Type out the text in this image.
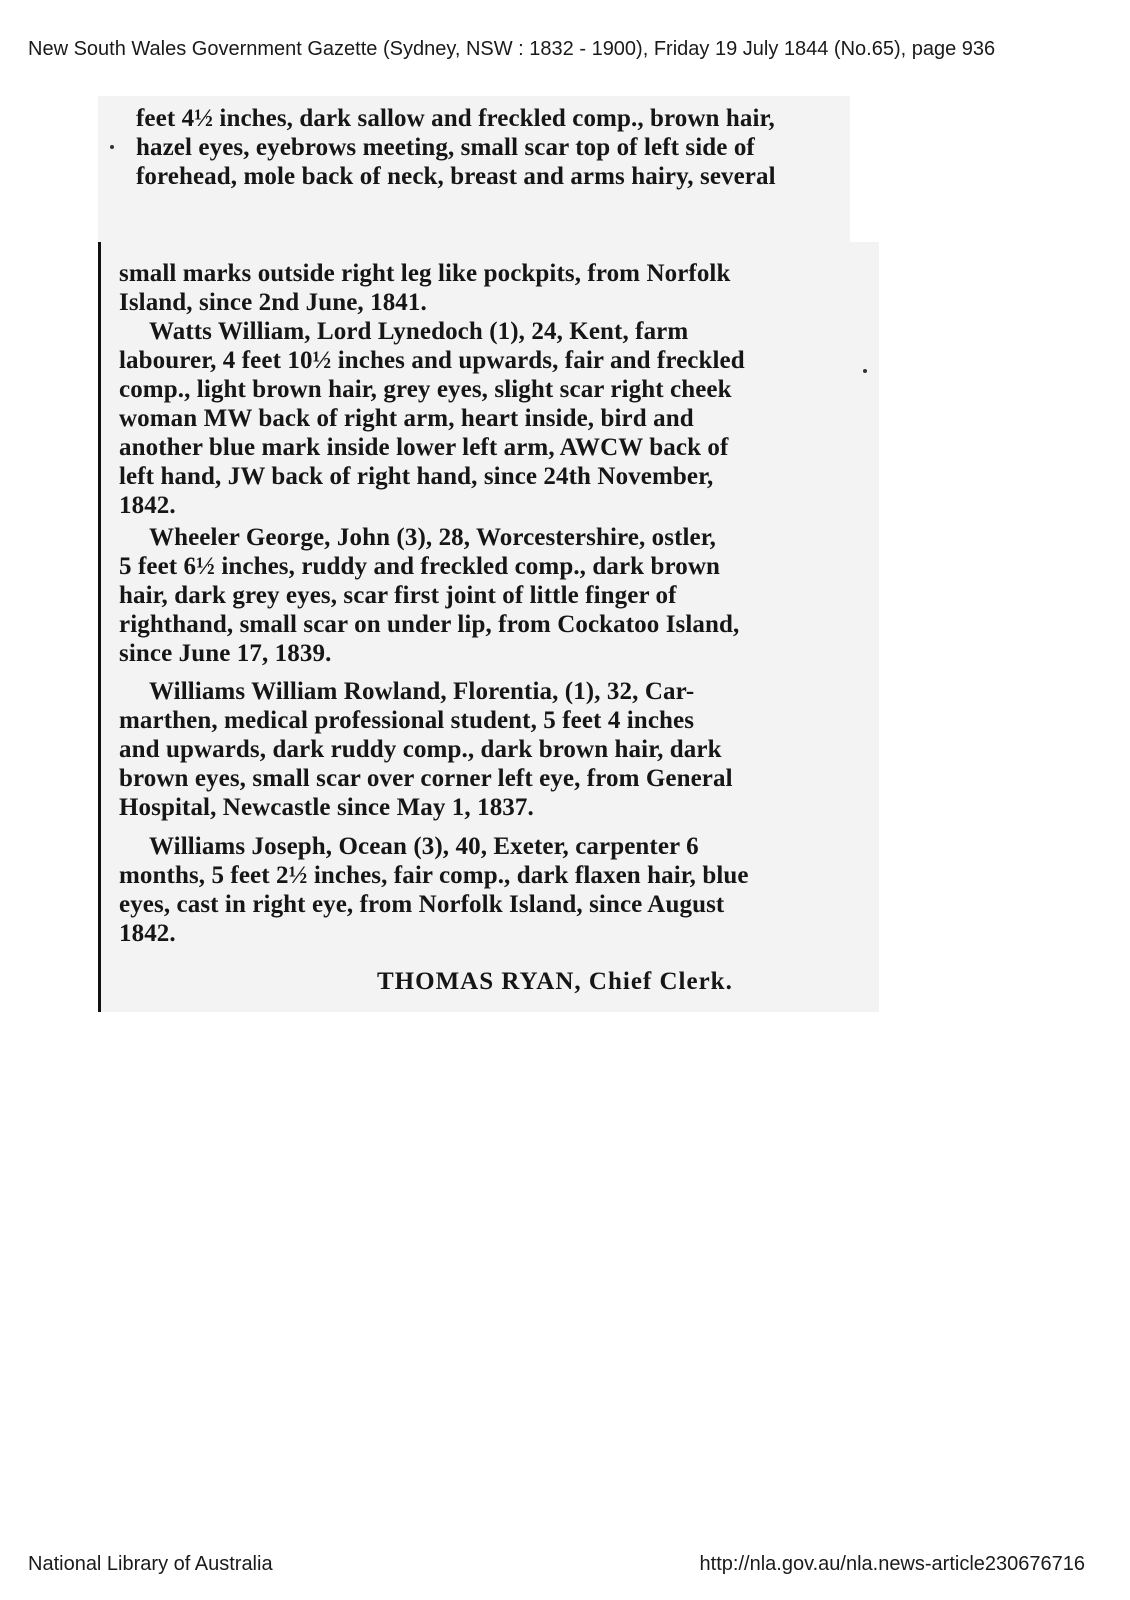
New South Wales Government Gazette (Sydney, NSW : 1832 - 1900), Friday 19 July 1844 (No.65), page 936
feet 4½ inches, dark sallow and freckled comp., brown hair,
hazel eyes, eyebrows meeting, small scar top of left side of
forehead, mole back of neck, breast and arms hairy, several
small marks outside right leg like pockpits, from Norfolk
Island, since 2nd June, 1841.
Watts William, Lord Lynedoch (1), 24, Kent, farm
labourer, 4 feet 10½ inches and upwards, fair and freckled
comp., light brown hair, grey eyes, slight scar right cheek
woman MW back of right arm, heart inside, bird and
another blue mark inside lower left arm, AWCW back of
left hand, JW back of right hand, since 24th November,
1842.
Wheeler George, John (3), 28, Worcestershire, ostler,
5 feet 6½ inches, ruddy and freckled comp., dark brown
hair, dark grey eyes, scar first joint of little finger of
righthand, small scar on under lip, from Cockatoo Island,
since June 17, 1839.
Williams William Rowland, Florentia, (1), 32, Car-
marthen, medical professional student, 5 feet 4 inches
and upwards, dark ruddy comp., dark brown hair, dark
brown eyes, small scar over corner left eye, from General
Hospital, Newcastle since May 1, 1837.
Williams Joseph, Ocean (3), 40, Exeter, carpenter 6
months, 5 feet 2½ inches, fair comp., dark flaxen hair, blue
eyes, cast in right eye, from Norfolk Island, since August
1842.
THOMAS RYAN, Chief Clerk.
National Library of Australia	http://nla.gov.au/nla.news-article230676716
